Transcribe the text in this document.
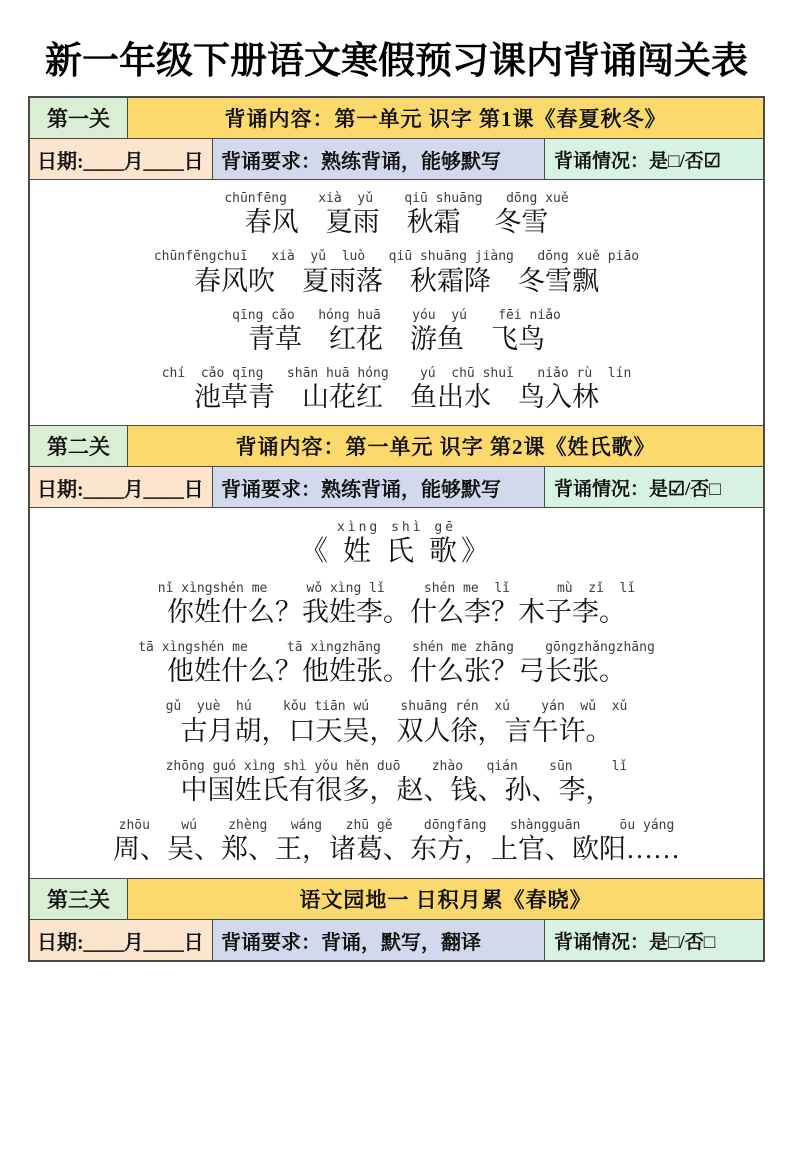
新一年级下册语文寒假预习课内背诵闯关表
第一关	背诵内容：第一单元 识字 第1课《春夏秋冬》
日期:＿＿月＿＿日 背诵要求：熟练背诵，能够默写	背诵情况：是□/否☑
chūnfēng    xià  yǔ    qiū shuāng   dōng xuě
春风　夏雨　秋霜　 冬雪
chūnfēngchuī   xià  yǔ  luò   qiū shuāng jiàng   dōng xuě piāo
春风吹　夏雨落　秋霜降　冬雪飘
qīng cǎo   hóng huā    yóu  yú    fēi niǎo
青草　红花　游鱼　飞鸟
chí  cǎo qīng   shān huā hóng    yú  chū shuǐ   niǎo rù  lín
池草青　山花红　鱼出水　鸟入林
第二关	背诵内容：第一单元 识字 第2课《姓氏歌》
日期:＿＿月＿＿日 背诵要求：熟练背诵，能够默写	背诵情况：是☑/否□
xìng shì gē
《 姓 氏 歌》
nǐ xìngshén me     wǒ xìng lǐ     shén me  lǐ      mù  zǐ  lǐ
你姓什么？我姓李。什么李？木子李。
tā xìngshén me     tā xìngzhāng    shén me zhāng    gōngzhǎngzhāng
他姓什么？他姓张。什么张？弓长张。
gǔ  yuè  hú    kǒu tiān wú    shuāng rén  xú    yán  wǔ  xǔ
古月胡，口天吴，双人徐，言午许。
zhōng guó xìng shì yǒu hěn duō    zhào   qián    sūn     lǐ
中国姓氏有很多，赵、钱、孙、李，
zhōu    wú    zhèng   wáng   zhū gě    dōngfāng   shàngguān     ōu yáng
周、吴、郑、王，诸葛、东方，上官、欧阳……
第三关	语文园地一 日积月累《春晓》
日期:＿＿月＿＿日 背诵要求：背诵，默写，翻译	背诵情况：是□/否□
